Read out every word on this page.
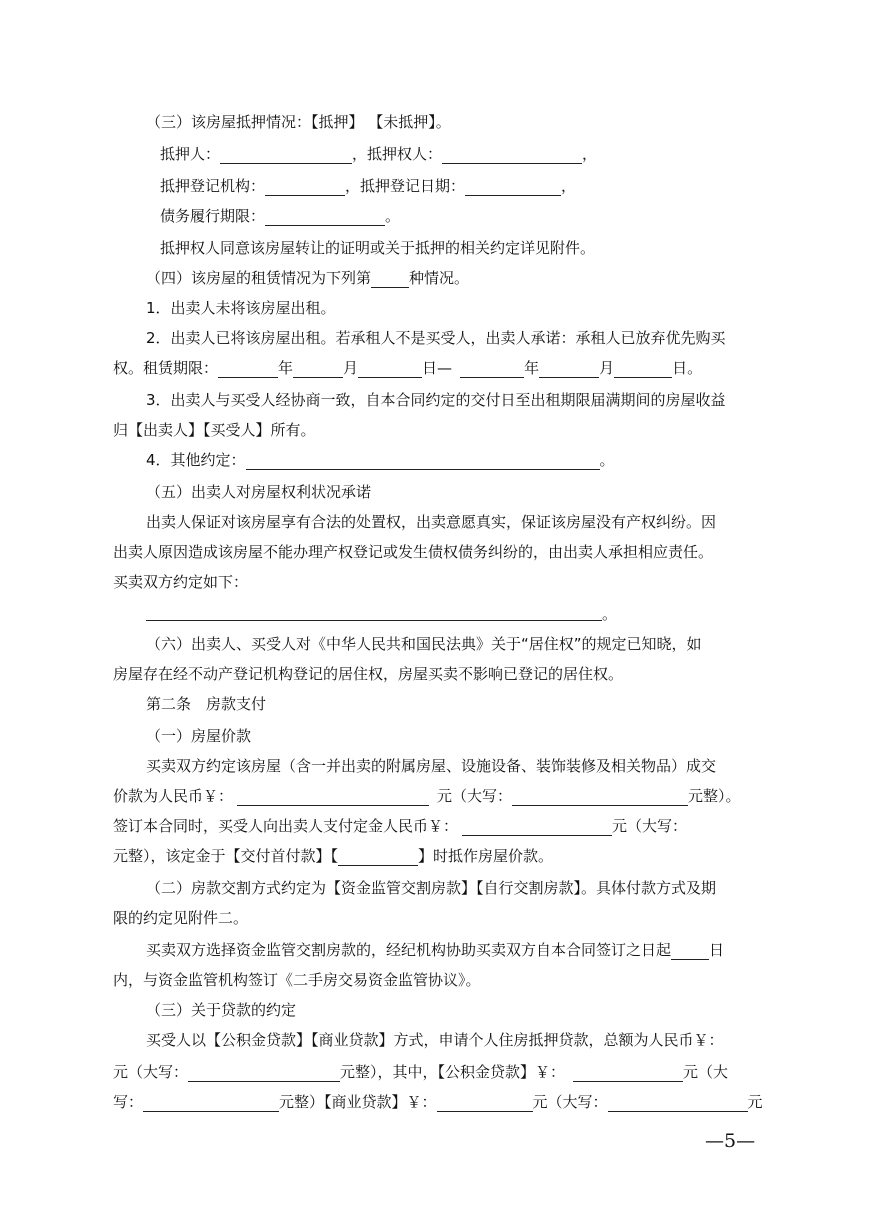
（三）该房屋抵押情况：【抵押】 【未抵押】。
抵押人：	，抵押权人：	，
抵押登记机构：	，抵押登记日期：	，
债务履行期限：	。
抵押权人同意该房屋转让的证明或关于抵押的相关约定详见附件。
（四）该房屋的租赁情况为下列第	种情况。
1．出卖人未将该房屋出租。
2．出卖人已将该房屋出租。若承租人不是买受人，出卖人承诺：承租人已放弃优先购买
权。租赁期限：	年	月	日—	年	月	日。
3．出卖人与买受人经协商一致，自本合同约定的交付日至出租期限届满期间的房屋收益
归【出卖人】【买受人】所有。
4．其他约定：	。
（五）出卖人对房屋权利状况承诺
出卖人保证对该房屋享有合法的处置权，出卖意愿真实，保证该房屋没有产权纠纷。因
出卖人原因造成该房屋不能办理产权登记或发生债权债务纠纷的，由出卖人承担相应责任。
买卖双方约定如下：
。
（六）出卖人、买受人对《中华人民共和国民法典》关于“居住权”的规定已知晓，如
房屋存在经不动产登记机构登记的居住权，房屋买卖不影响已登记的居住权。
第二条　房款支付
（一）房屋价款
买卖双方约定该房屋（含一并出卖的附属房屋、设施设备、装饰装修及相关物品）成交
价款为人民币￥：	元（大写：	元整）。
签订本合同时，买受人向出卖人支付定金人民币￥：	元（大写：
元整），该定金于【交付首付款】【	】时抵作房屋价款。
（二）房款交割方式约定为【资金监管交割房款】【自行交割房款】。具体付款方式及期
限的约定见附件二。
买卖双方选择资金监管交割房款的，经纪机构协助买卖双方自本合同签订之日起	日
内，与资金监管机构签订《二手房交易资金监管协议》。
（三）关于贷款的约定
买受人以【公积金贷款】【商业贷款】方式，申请个人住房抵押贷款，总额为人民币￥：
元（大写：	元整），其中，【公积金贷款】￥：	元（大
写：	元整）【商业贷款】￥：	元（大写：	元
—5—
